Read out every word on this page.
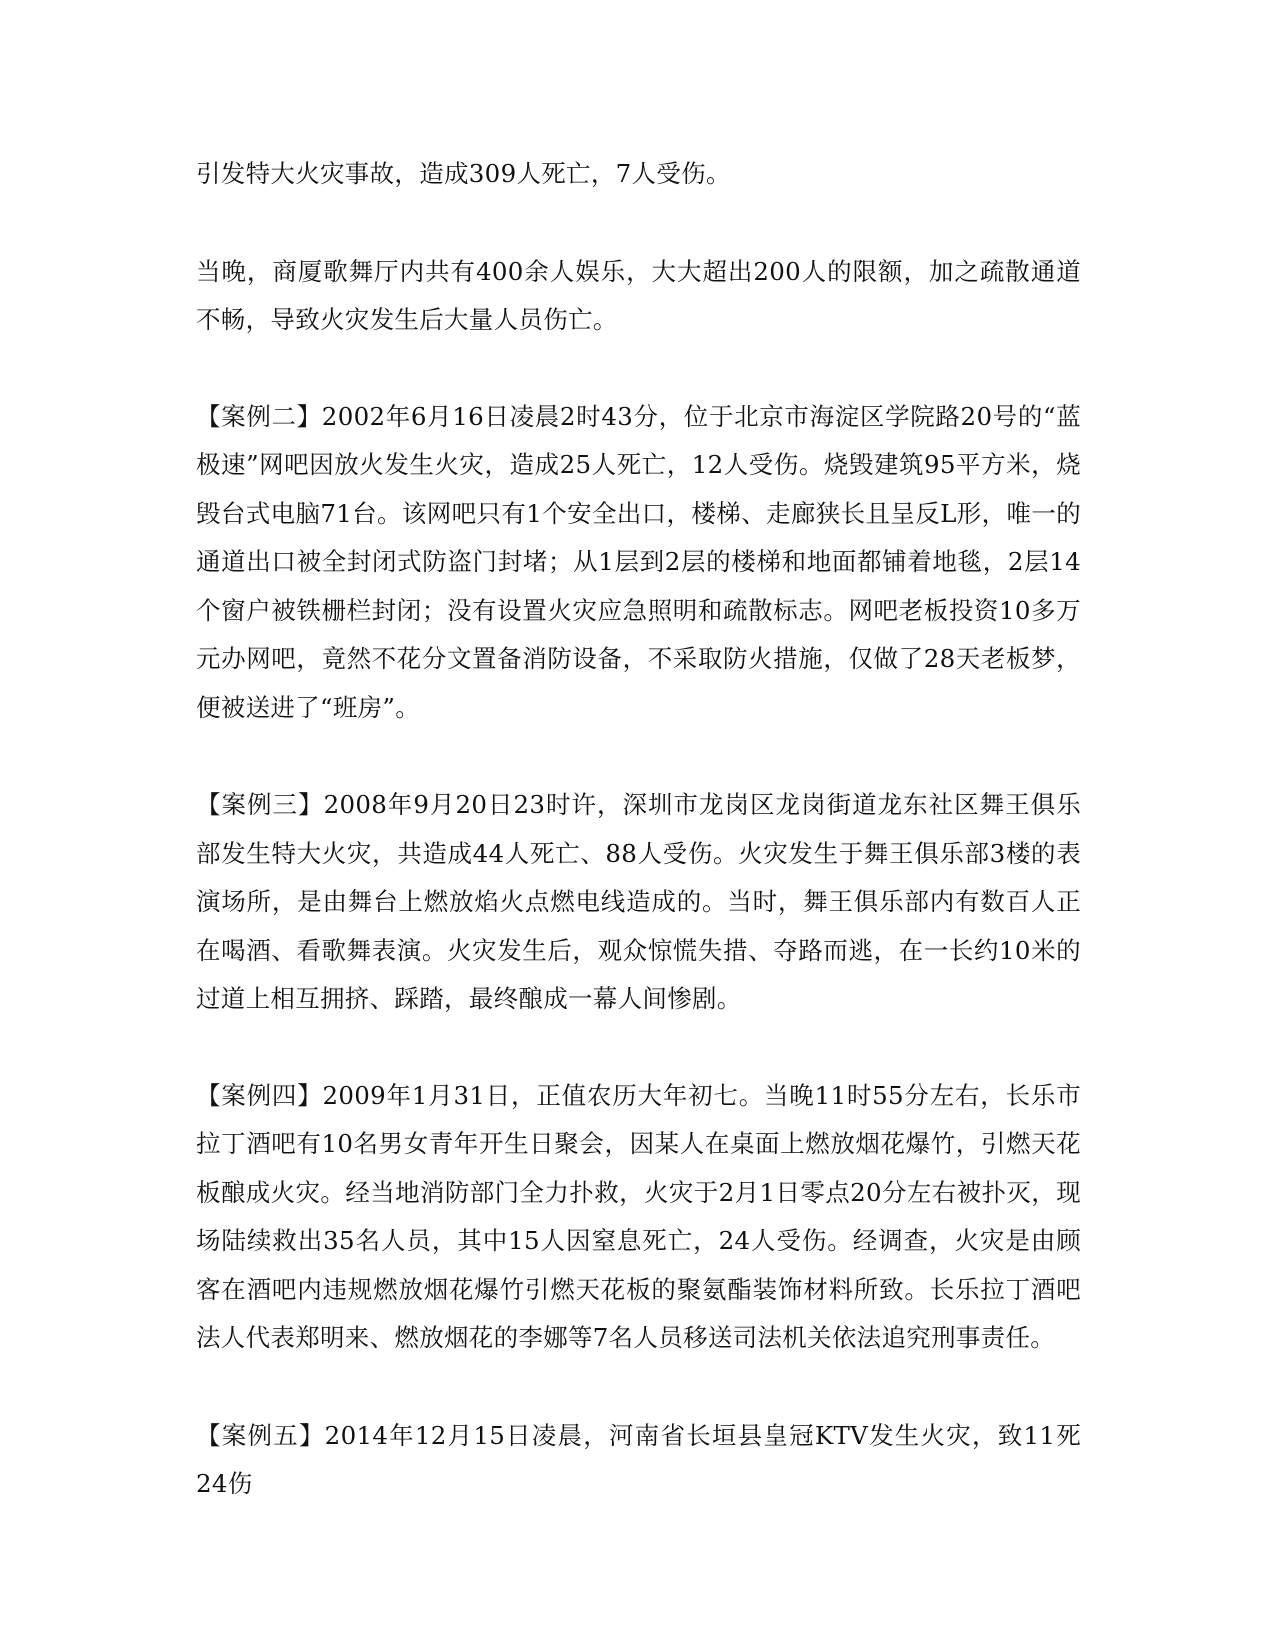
引发特大火灾事故，造成309人死亡，7人受伤。

当晚，商厦歌舞厅内共有400余人娱乐，大大超出200人的限额，加之疏散通道不畅，导致火灾发生后大量人员伤亡。

【案例二】2002年6月16日凌晨2时43分，位于北京市海淀区学院路20号的“蓝极速”网吧因放火发生火灾，造成25人死亡，12人受伤。烧毁建筑95平方米，烧毁台式电脑71台。该网吧只有1个安全出口，楼梯、走廊狭长且呈反L形，唯一的通道出口被全封闭式防盗门封堵；从1层到2层的楼梯和地面都铺着地毯，2层14个窗户被铁栅栏封闭；没有设置火灾应急照明和疏散标志。网吧老板投资10多万元办网吧，竟然不花分文置备消防设备，不采取防火措施，仅做了28天老板梦，便被送进了“班房”。

【案例三】2008年9月20日23时许，深圳市龙岗区龙岗街道龙东社区舞王俱乐部发生特大火灾，共造成44人死亡、88人受伤。火灾发生于舞王俱乐部3楼的表演场所，是由舞台上燃放焰火点燃电线造成的。当时，舞王俱乐部内有数百人正在喝酒、看歌舞表演。火灾发生后，观众惊慌失措、夺路而逃，在一长约10米的过道上相互拥挤、踩踏，最终酿成一幕人间惨剧。

【案例四】2009年1月31日，正值农历大年初七。当晚11时55分左右，长乐市拉丁酒吧有10名男女青年开生日聚会，因某人在桌面上燃放烟花爆竹，引燃天花板酿成火灾。经当地消防部门全力扑救，火灾于2月1日零点20分左右被扑灭，现场陆续救出35名人员，其中15人因窒息死亡，24人受伤。经调查，火灾是由顾客在酒吧内违规燃放烟花爆竹引燃天花板的聚氨酯装饰材料所致。长乐拉丁酒吧法人代表郑明来、燃放烟花的李娜等7名人员移送司法机关依法追究刑事责任。

【案例五】2014年12月15日凌晨，河南省长垣县皇冠KTV发生火灾，致11死24伤
